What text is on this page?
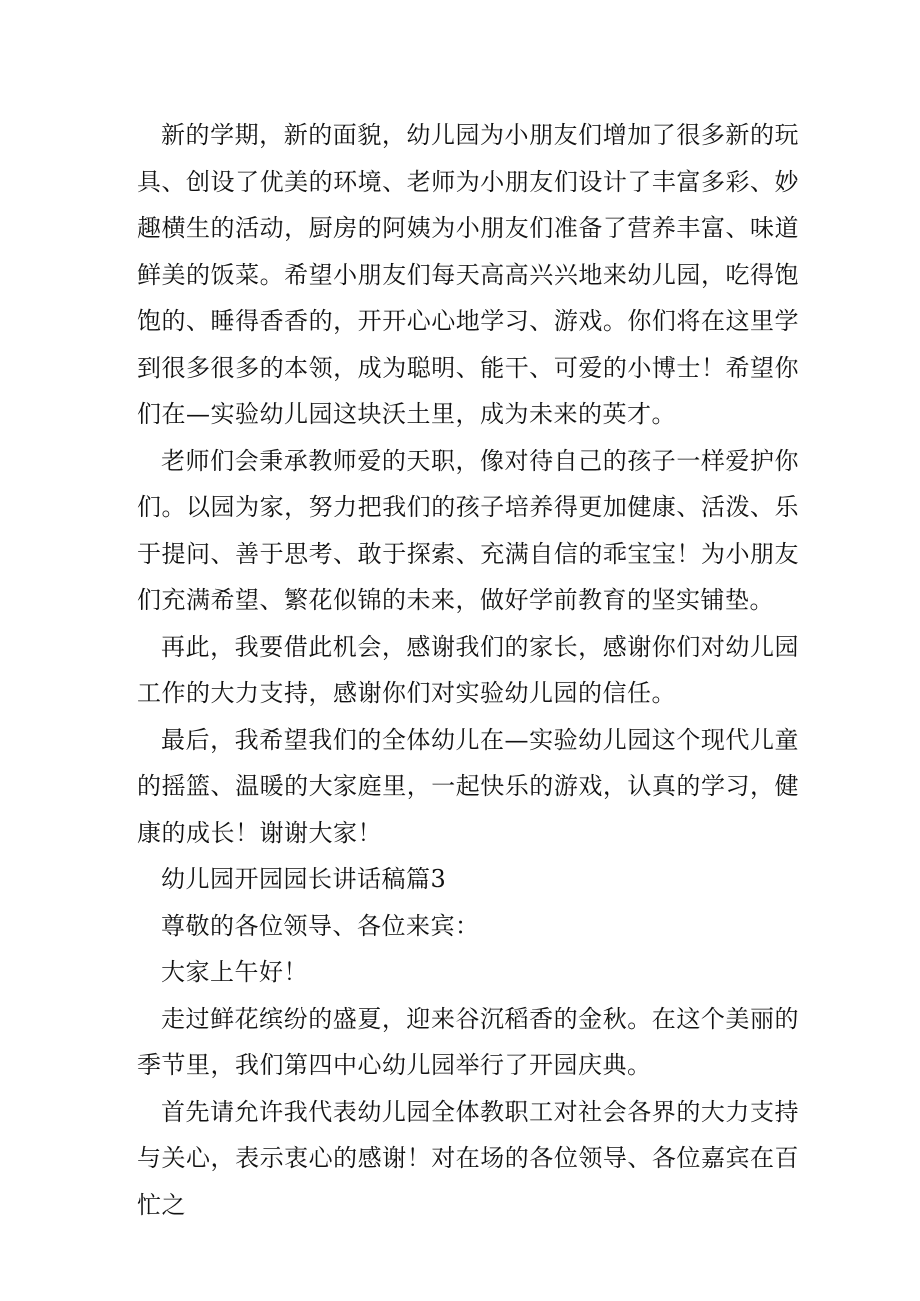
新的学期，新的面貌，幼儿园为小朋友们增加了很多新的玩具、创设了优美的环境、老师为小朋友们设计了丰富多彩、妙趣横生的活动，厨房的阿姨为小朋友们准备了营养丰富、味道鲜美的饭菜。希望小朋友们每天高高兴兴地来幼儿园，吃得饱饱的、睡得香香的，开开心心地学习、游戏。你们将在这里学到很多很多的本领，成为聪明、能干、可爱的小博士！希望你们在—实验幼儿园这块沃土里，成为未来的英才。

老师们会秉承教师爱的天职，像对待自己的孩子一样爱护你们。以园为家，努力把我们的孩子培养得更加健康、活泼、乐于提问、善于思考、敢于探索、充满自信的乖宝宝！为小朋友们充满希望、繁花似锦的未来，做好学前教育的坚实铺垫。

再此，我要借此机会，感谢我们的家长，感谢你们对幼儿园工作的大力支持，感谢你们对实验幼儿园的信任。

最后，我希望我们的全体幼儿在—实验幼儿园这个现代儿童的摇篮、温暖的大家庭里，一起快乐的游戏，认真的学习，健康的成长！谢谢大家！

幼儿园开园园长讲话稿篇3

尊敬的各位领导、各位来宾：

大家上午好！

走过鲜花缤纷的盛夏，迎来谷沉稻香的金秋。在这个美丽的季节里，我们第四中心幼儿园举行了开园庆典。

首先请允许我代表幼儿园全体教职工对社会各界的大力支持与关心，表示衷心的感谢！对在场的各位领导、各位嘉宾在百忙之
